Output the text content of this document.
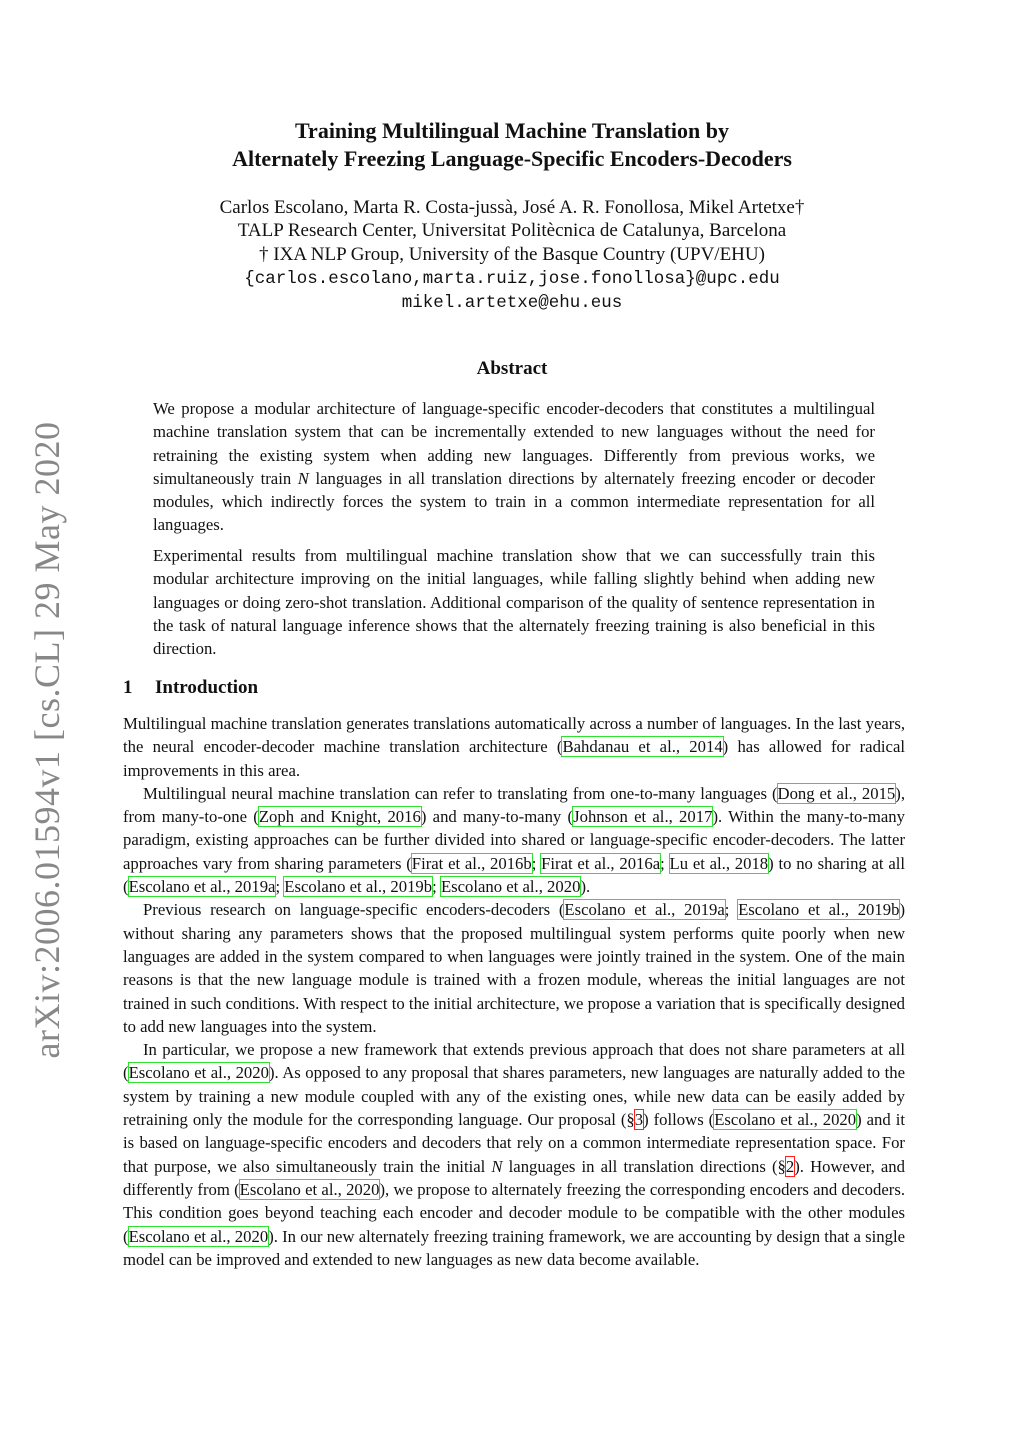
arXiv:2006.01594v1 [cs.CL] 29 May 2020
Training Multilingual Machine Translation by
Alternately Freezing Language-Specific Encoders-Decoders
Carlos Escolano, Marta R. Costa-jussà, José A. R. Fonollosa, Mikel Artetxe†
TALP Research Center, Universitat Politècnica de Catalunya, Barcelona
† IXA NLP Group, University of the Basque Country (UPV/EHU)
{carlos.escolano,marta.ruiz,jose.fonollosa}@upc.edu
mikel.artetxe@ehu.eus
Abstract

We propose a modular architecture of language-specific encoder-decoders that constitutes a multilingual machine translation system that can be incrementally extended to new languages without the need for retraining the existing system when adding new languages. Differently from previous works, we simultaneously train N languages in all translation directions by alternately freezing encoder or decoder modules, which indirectly forces the system to train in a common intermediate representation for all languages.

Experimental results from multilingual machine translation show that we can successfully train this modular architecture improving on the initial languages, while falling slightly behind when adding new languages or doing zero-shot translation. Additional comparison of the quality of sentence representation in the task of natural language inference shows that the alternately freezing training is also beneficial in this direction.

1 Introduction

Multilingual machine translation generates translations automatically across a number of languages. In the last years, the neural encoder-decoder machine translation architecture (Bahdanau et al., 2014) has allowed for radical improvements in this area.

Multilingual neural machine translation can refer to translating from one-to-many languages (Dong et al., 2015), from many-to-one (Zoph and Knight, 2016) and many-to-many (Johnson et al., 2017). Within the many-to-many paradigm, existing approaches can be further divided into shared or language-specific encoder-decoders. The latter approaches vary from sharing parameters (Firat et al., 2016b; Firat et al., 2016a; Lu et al., 2018) to no sharing at all (Escolano et al., 2019a; Escolano et al., 2019b; Escolano et al., 2020).

Previous research on language-specific encoders-decoders (Escolano et al., 2019a; Escolano et al., 2019b) without sharing any parameters shows that the proposed multilingual system performs quite poorly when new languages are added in the system compared to when languages were jointly trained in the system. One of the main reasons is that the new language module is trained with a frozen module, whereas the initial languages are not trained in such conditions. With respect to the initial architecture, we propose a variation that is specifically designed to add new languages into the system.

In particular, we propose a new framework that extends previous approach that does not share parameters at all (Escolano et al., 2020). As opposed to any proposal that shares parameters, new languages are naturally added to the system by training a new module coupled with any of the existing ones, while new data can be easily added by retraining only the module for the corresponding language. Our proposal (§3) follows (Escolano et al., 2020) and it is based on language-specific encoders and decoders that rely on a common intermediate representation space. For that purpose, we also simultaneously train the initial N languages in all translation directions (§2). However, and differently from (Escolano et al., 2020), we propose to alternately freezing the corresponding encoders and decoders. This condition goes beyond teaching each encoder and decoder module to be compatible with the other modules (Escolano et al., 2020). In our new alternately freezing training framework, we are accounting by design that a single model can be improved and extended to new languages as new data become available.
